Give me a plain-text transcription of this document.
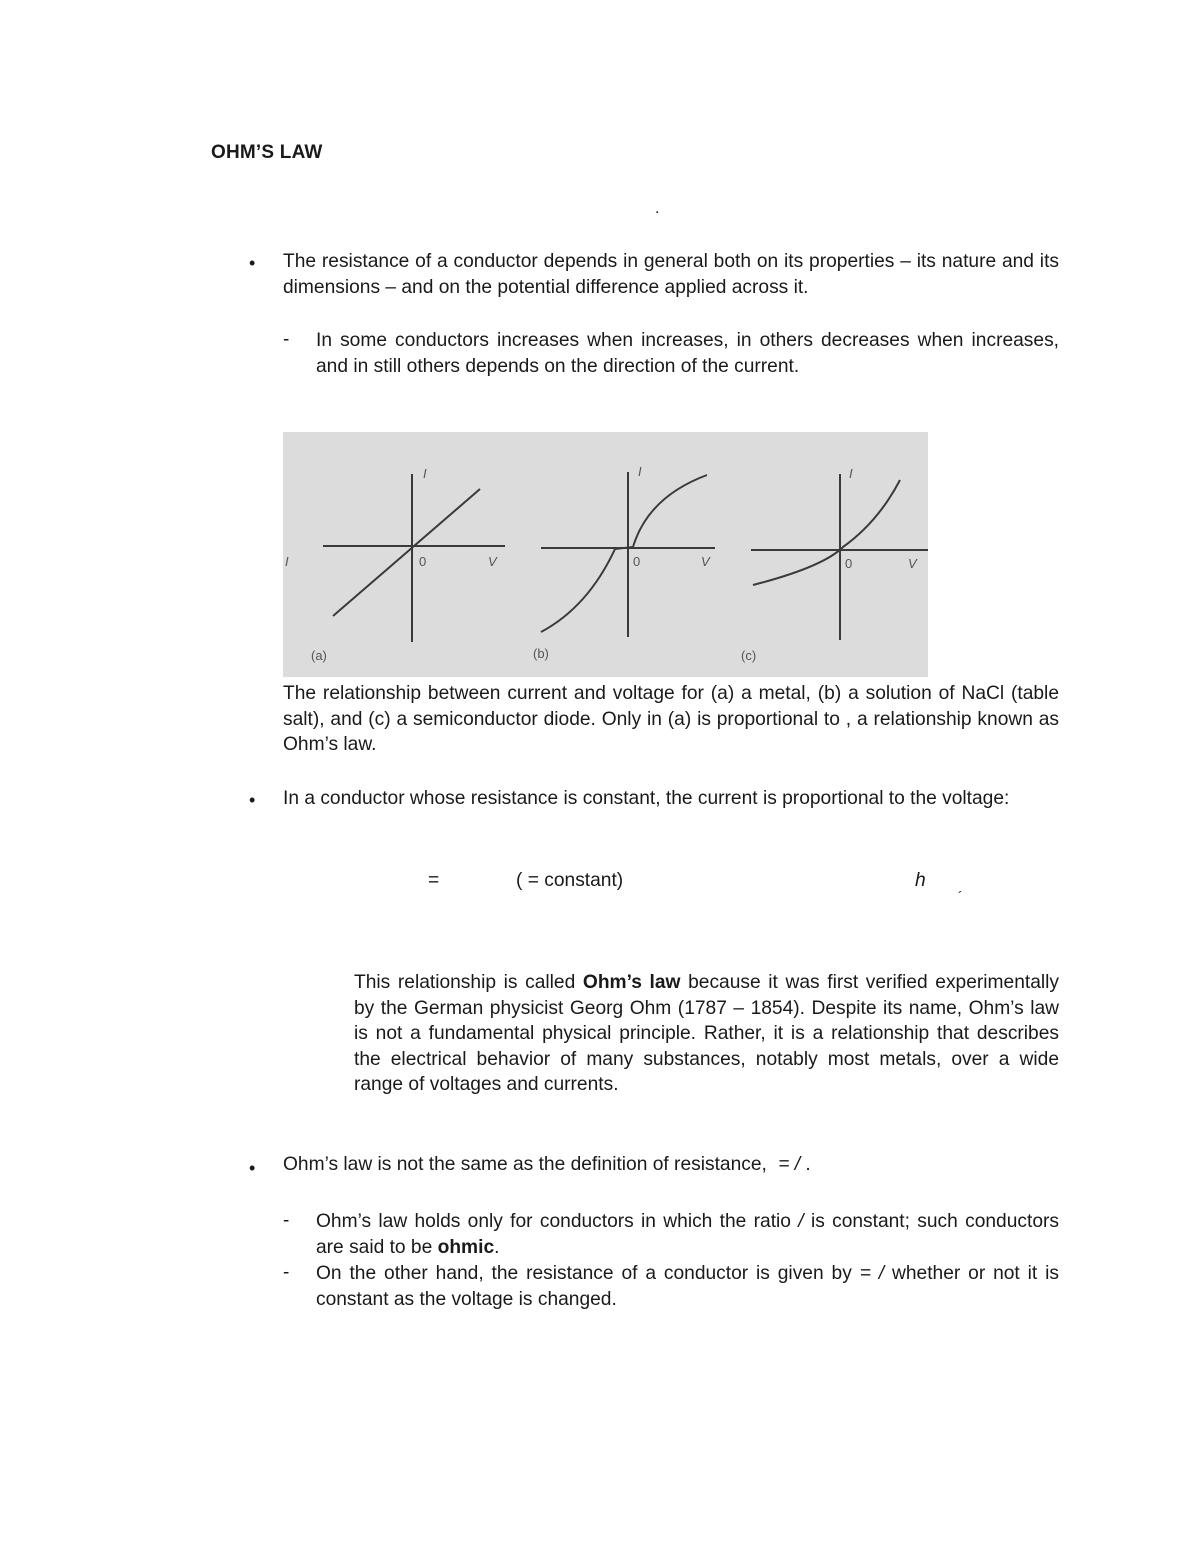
OHM’S LAW
.
• The resistance of a conductor depends in general both on its properties – its nature and its dimensions – and on the potential difference applied across it.
- In some conductors increases when increases, in others decreases when increases, and in still others depends on the direction of the current.
I
0	V
I
(a)
I
0	V
(b)
I
0	V
(c)
The relationship between current and voltage for (a) a metal, (b) a solution of NaCl (table salt), and (c) a semiconductor diode. Only in (a) is proportional to , a relationship known as Ohm’s law.
• In a conductor whose resistance is constant, the current is proportional to the voltage:
=	( = constant)	h
´
This relationship is called Ohm’s law because it was first verified experimentally by the German physicist Georg Ohm (1787 – 1854). Despite its name, Ohm’s law is not a fundamental physical principle. Rather, it is a relationship that describes the electrical behavior of many substances, notably most metals, over a wide range of voltages and currents.
• Ohm’s law is not the same as the definition of resistance, = / .
- Ohm’s law holds only for conductors in which the ratio / is constant; such conductors are said to be ohmic.
- On the other hand, the resistance of a conductor is given by = / whether or not it is constant as the voltage is changed.
